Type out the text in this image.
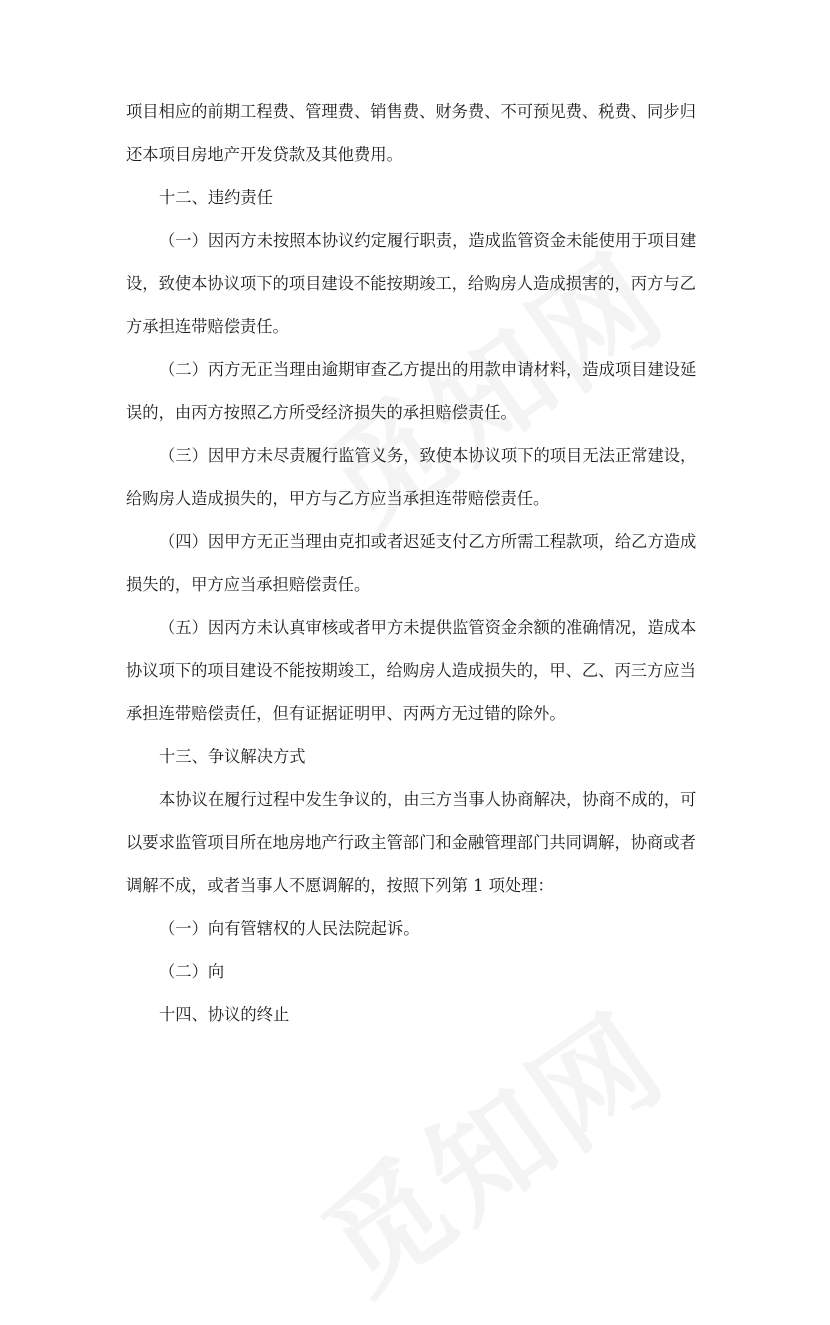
项目相应的前期工程费、管理费、销售费、财务费、不可预见费、税费、同步归

还本项目房地产开发贷款及其他费用。

十二、违约责任

（一）因丙方未按照本协议约定履行职责，造成监管资金未能使用于项目建

设，致使本协议项下的项目建设不能按期竣工，给购房人造成损害的，丙方与乙

方承担连带赔偿责任。

（二）丙方无正当理由逾期审查乙方提出的用款申请材料，造成项目建设延

误的，由丙方按照乙方所受经济损失的承担赔偿责任。

（三）因甲方未尽责履行监管义务，致使本协议项下的项目无法正常建设，

给购房人造成损失的，甲方与乙方应当承担连带赔偿责任。

（四）因甲方无正当理由克扣或者迟延支付乙方所需工程款项，给乙方造成

损失的，甲方应当承担赔偿责任。

（五）因丙方未认真审核或者甲方未提供监管资金余额的准确情况，造成本

协议项下的项目建设不能按期竣工，给购房人造成损失的，甲、乙、丙三方应当

承担连带赔偿责任，但有证据证明甲、丙两方无过错的除外。

十三、争议解决方式

本协议在履行过程中发生争议的，由三方当事人协商解决，协商不成的，可

以要求监管项目所在地房地产行政主管部门和金融管理部门共同调解，协商或者

调解不成，或者当事人不愿调解的，按照下列第 1 项处理：

（一）向有管辖权的人民法院起诉。

（二）向

十四、协议的终止
